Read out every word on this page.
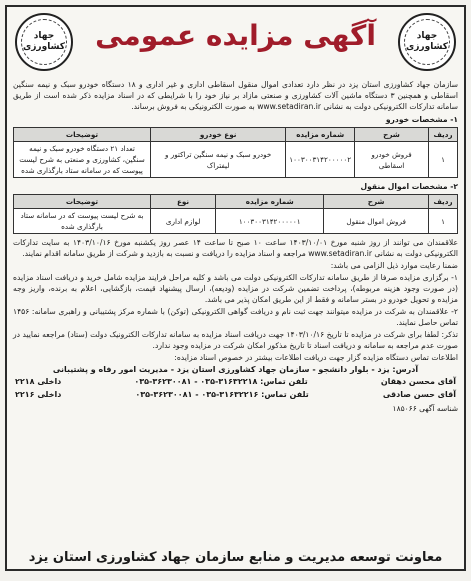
جهاد
کشاورزی
جهاد
کشاورزی
آگهی مزایده عمومی

سازمان جهاد کشاورزی استان یزد در نظر دارد تعدادی اموال منقول اسقاطی اداری و غیر اداری و ۱۸ دستگاه خودرو سبک و نیمه سنگین اسقاطی و همچنین ۳ دستگاه ماشین آلات کشاورزی و صنعتی مازاد بر نیاز خود را با شرایطی که در اسناد مزایده ذکر شده است از طریق سامانه تدارکات الکترونیکی دولت به نشانی www.setadiran.ir به صورت الکترونیکی به فروش برساند.

۱- مشخصات خودرو
ردیف	شرح	شماره مزایده	نوع خودرو	توضیحات
۱	فروش خودرو اسقاطی	۱۰۰۳۰۰۳۱۴۲۰۰۰۰۰۲	خودرو سبک و نیمه سنگین تراکتور و لیفتراک	تعداد ۲۱ دستگاه خودرو سبک و نیمه سنگین، کشاورزی و صنعتی به شرح لیست پیوست که در سامانه ستاد بارگذاری شده
۲- مشخصات اموال منقول
ردیف	شرح	شماره مزایده	نوع	توضیحات
۱	فروش اموال منقول	۱۰۰۳۰۰۳۱۴۲۰۰۰۰۰۱	لوازم اداری	به شرح لیست پیوست که در سامانه ستاد بارگذاری شده

علاقمندان می توانند از روز شنبه مورخ ۱۴۰۳/۱۰/۰۱ ساعت ۱۰ صبح تا ساعت ۱۴ عصر روز یکشنبه مورخ ۱۴۰۳/۱۰/۱۶ به سایت تدارکات الکترونیکی دولت به نشانی www.setadiran.ir مراجعه و اسناد مزایده را دریافت و نسبت به بازدید و شرکت از طریق سامانه اقدام نمایند.

ضمنا رعایت موارد ذیل الزامی می باشد:

۱- برگزاری مزایده صرفا از طریق سامانه تدارکات الکترونیکی دولت می باشد و کلیه مراحل فرایند مزایده شامل خرید و دریافت اسناد مزایده (در صورت وجود هزینه مربوطه)، پرداخت تضمین شرکت در مزایده (ودیعه)، ارسال پیشنهاد قیمت، بازگشایی، اعلام به برنده، واریز وجه مزایده و تحویل خودرو در بستر سامانه و فقط از این طریق امکان پذیر می باشد.

۲- علاقمندان به شرکت در مزایده میتوانند جهت ثبت نام و دریافت گواهی الکترونیکی (توکن) با شماره مرکز پشتیبانی و راهبری سامانه: ۱۴۵۶ تماس حاصل نمایند.

تذکر: لطفا برای شرکت در مزایده تا تاریخ ۱۴۰۳/۱۰/۱۶ جهت دریافت اسناد مزایده به سامانه تدارکات الکترونیک دولت (ستاد) مراجعه نمایید در صورت عدم مراجعه به سامانه و دریافت اسناد تا تاریخ مذکور امکان شرکت در مزایده وجود ندارد.

اطلاعات تماس دستگاه مزایده گزار جهت دریافت اطلاعات بیشتر در خصوص اسناد مزایده:

آدرس: یزد - بلوار دانشجو - سازمان جهاد کشاورزی استان یزد - مدیریت امور رفاه و پشتیبانی
آقای محسن دهقان
تلفن تماس: ۳۱۶۳۲۲۱۸-۰۳۵ - ۳۶۲۳۰۰۸۱-۰۳۵
داخلی ۲۲۱۸
آقای حسن صادقی
تلفن تماس: ۳۱۶۳۲۲۱۶-۰۳۵ - ۳۶۲۳۰۰۸۱-۰۳۵
داخلی ۲۲۱۶
شناسه آگهی ۱۸۵۰۶۶
معاونت توسعه مدیریت و منابع سازمان جهاد کشاورزی استان یزد
